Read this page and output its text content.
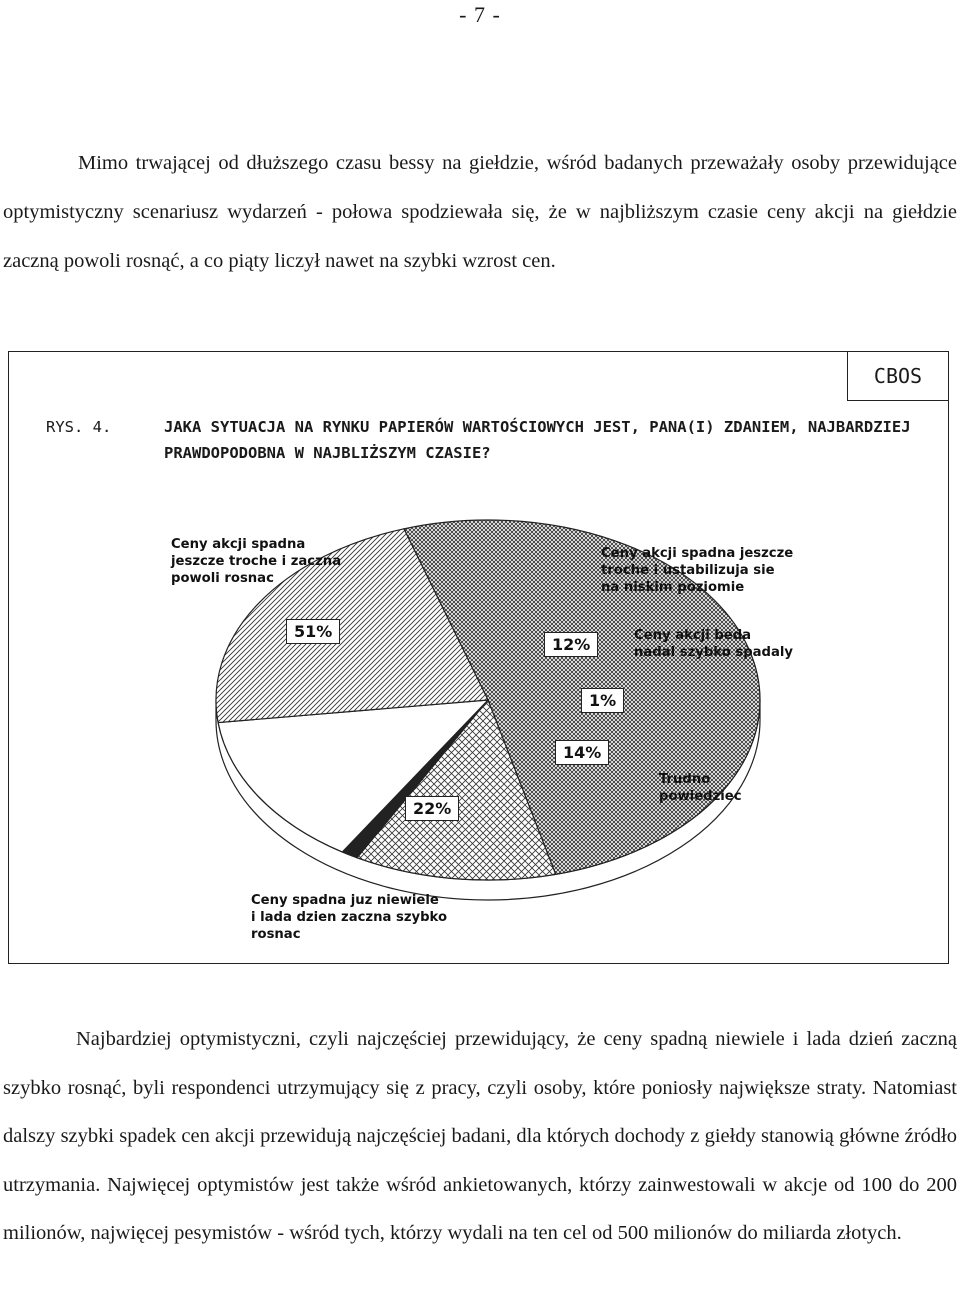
- 7 -

Mimo trwającej od dłuższego czasu bessy na giełdzie, wśród badanych przeważały osoby przewidujące optymistyczny scenariusz wydarzeń - połowa spodziewała się, że w najbliższym czasie ceny akcji na giełdzie zaczną powoli rosnąć, a co piąty liczył nawet na szybki wzrost cen.

CBOS
RYS. 4.	JAKA SYTUACJA NA RYNKU PAPIERÓW WARTOŚCIOWYCH JEST, PANA(I) ZDANIEM, NAJBARDZIEJ PRAWDOPODOBNA W NAJBLIŻSZYM CZASIE?
Ceny akcji spadna
jeszcze troche i zaczna
powoli rosnac
Ceny akcji spadna jeszcze
troche i ustabilizuja sie
na niskim poziomie
Ceny akcji beda
nadal szybko spadaly
Trudno
powiedziec
Ceny spadna juz niewiele
i lada dzien zaczna szybko
rosnac
51%
12%
1%
14%
22%

Najbardziej optymistyczni, czyli najczęściej przewidujący, że ceny spadną niewiele i lada dzień zaczną szybko rosnąć, byli respondenci utrzymujący się z pracy, czyli osoby, które poniosły największe straty. Natomiast dalszy szybki spadek cen akcji przewidują najczęściej badani, dla których dochody z giełdy stanowią główne źródło utrzymania. Najwięcej optymistów jest także wśród ankietowanych, którzy zainwestowali w akcje od 100 do 200 milionów, najwięcej pesymistów - wśród tych, którzy wydali na ten cel od 500 milionów do miliarda złotych.
